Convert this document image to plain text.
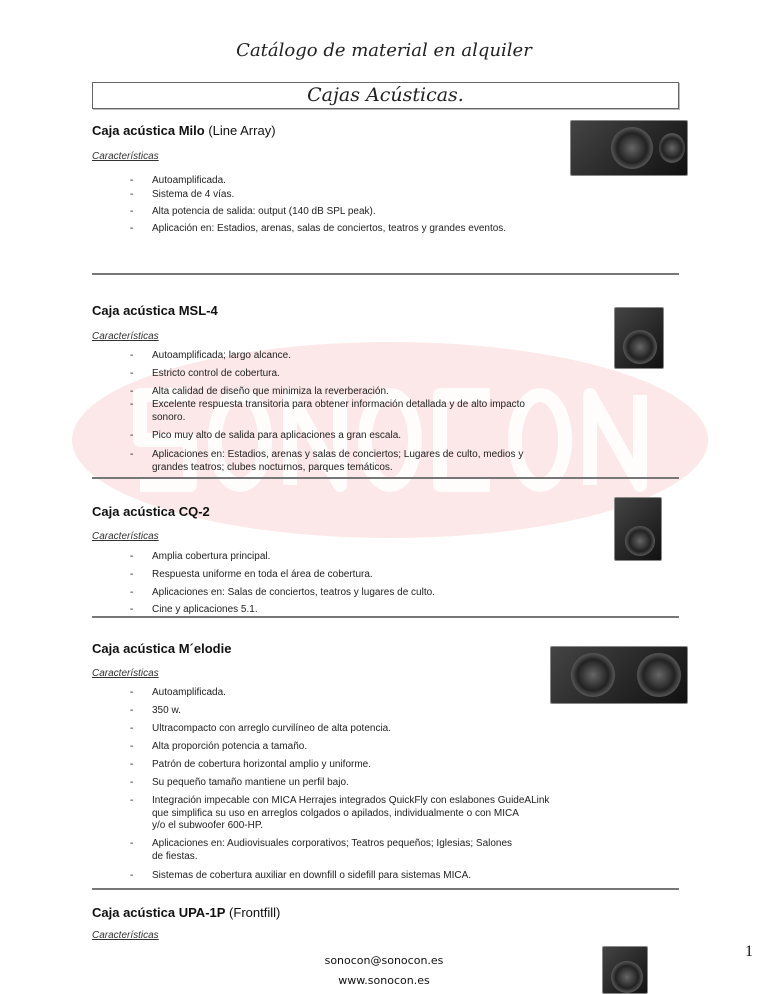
Catálogo de material en alquiler
Cajas Acústicas.
Caja acústica Milo (Line Array)
Características
- Autoamplificada.
- Sistema de 4 vías.
- Alta potencia de salida: output (140 dB SPL peak).
- Aplicación en: Estadios, arenas, salas de conciertos, teatros y grandes eventos.
Caja acústica MSL-4
Características
- Autoamplificada; largo alcance.
- Estricto control de cobertura.
- Alta calidad de diseño que minimiza la reverberación.
- Excelente respuesta transitoria para obtener información detallada y de alto impacto
sonoro.
- Pico muy alto de salida para aplicaciones a gran escala.
- Aplicaciones en: Estadios, arenas y salas de conciertos; Lugares de culto, medios y
grandes teatros; clubes nocturnos, parques temáticos.
Caja acústica CQ-2
Características
- Amplia cobertura principal.
- Respuesta uniforme en toda el área de cobertura.
- Aplicaciones en: Salas de conciertos, teatros y lugares de culto.
- Cine y aplicaciones 5.1.
Caja acústica M´elodie
Características
- Autoamplificada.
- 350 w.
- Ultracompacto con arreglo curvilíneo de alta potencia.
- Alta proporción potencia a tamaño.
- Patrón de cobertura horizontal amplio y uniforme.
- Su pequeño tamaño mantiene un perfil bajo.
- Integración impecable con MICA Herrajes integrados QuickFly con eslabones GuideALink
que simplifica su uso en arreglos colgados o apilados, individualmente o con MICA
y/o el subwoofer 600-HP.
- Aplicaciones en: Audiovisuales corporativos; Teatros pequeños; Iglesias; Salones
de fiestas.
- Sistemas de cobertura auxiliar en downfill o sidefill para sistemas MICA.
Caja acústica UPA-1P (Frontfill)
Características
sonocon@sonocon.es
www.sonocon.es
1
